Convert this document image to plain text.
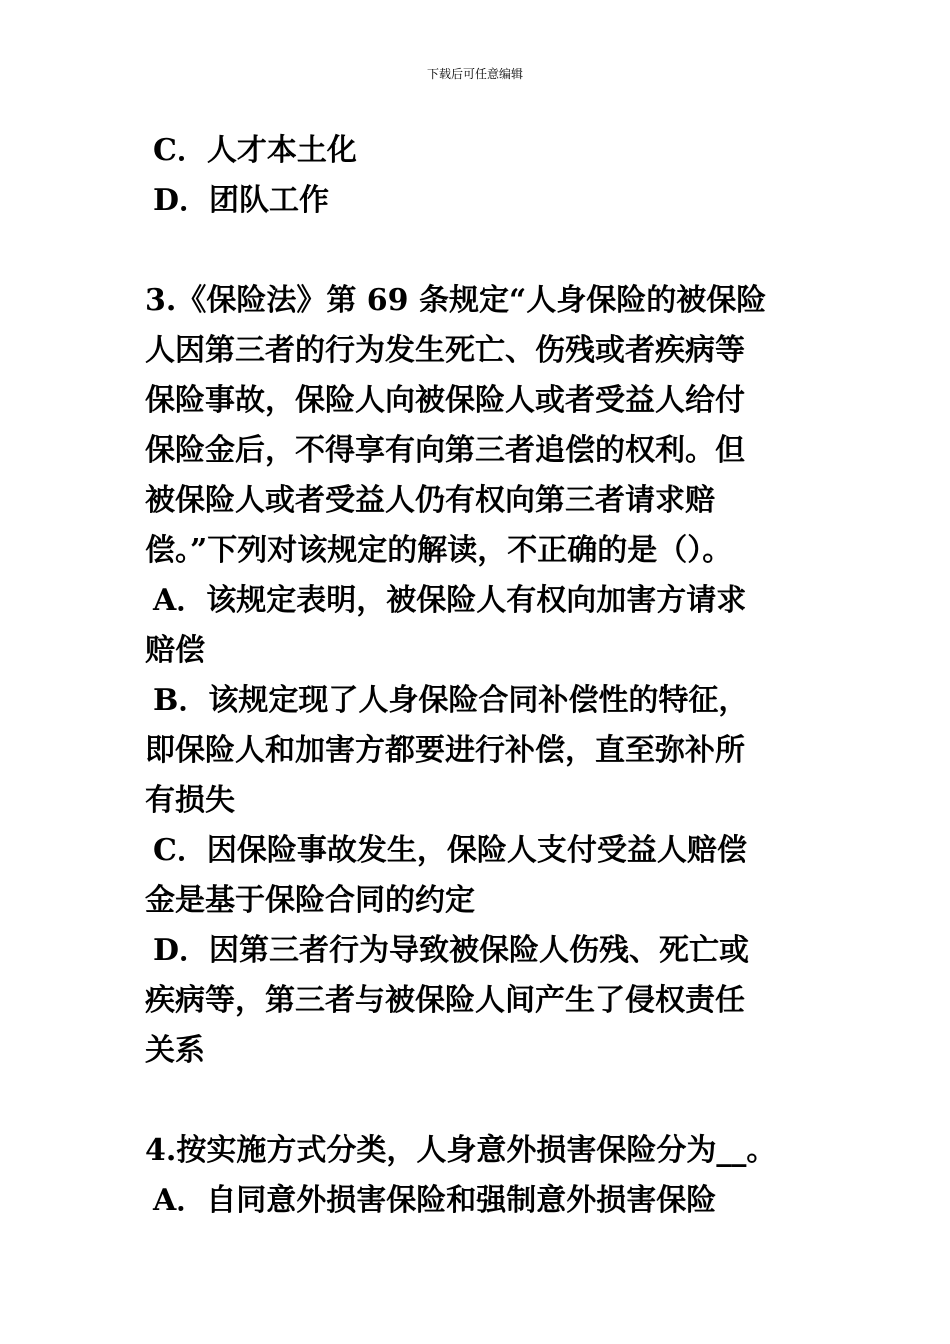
下载后可任意编辑
C．人才本土化
D．团队工作
3.《保险法》第 69 条规定“人身保险的被保险
人因第三者的行为发生死亡、伤残或者疾病等
保险事故，保险人向被保险人或者受益人给付
保险金后，不得享有向第三者追偿的权利。但
被保险人或者受益人仍有权向第三者请求赔
偿。”下列对该规定的解读，不正确的是（）。
A．该规定表明，被保险人有权向加害方请求
赔偿
B．该规定现了人身保险合同补偿性的特征，
即保险人和加害方都要进行补偿，直至弥补所
有损失
C．因保险事故发生，保险人支付受益人赔偿
金是基于保险合同的约定
D．因第三者行为导致被保险人伤残、死亡或
疾病等，第三者与被保险人间产生了侵权责任
关系
4.按实施方式分类，人身意外损害保险分为__。
A．自同意外损害保险和强制意外损害保险
